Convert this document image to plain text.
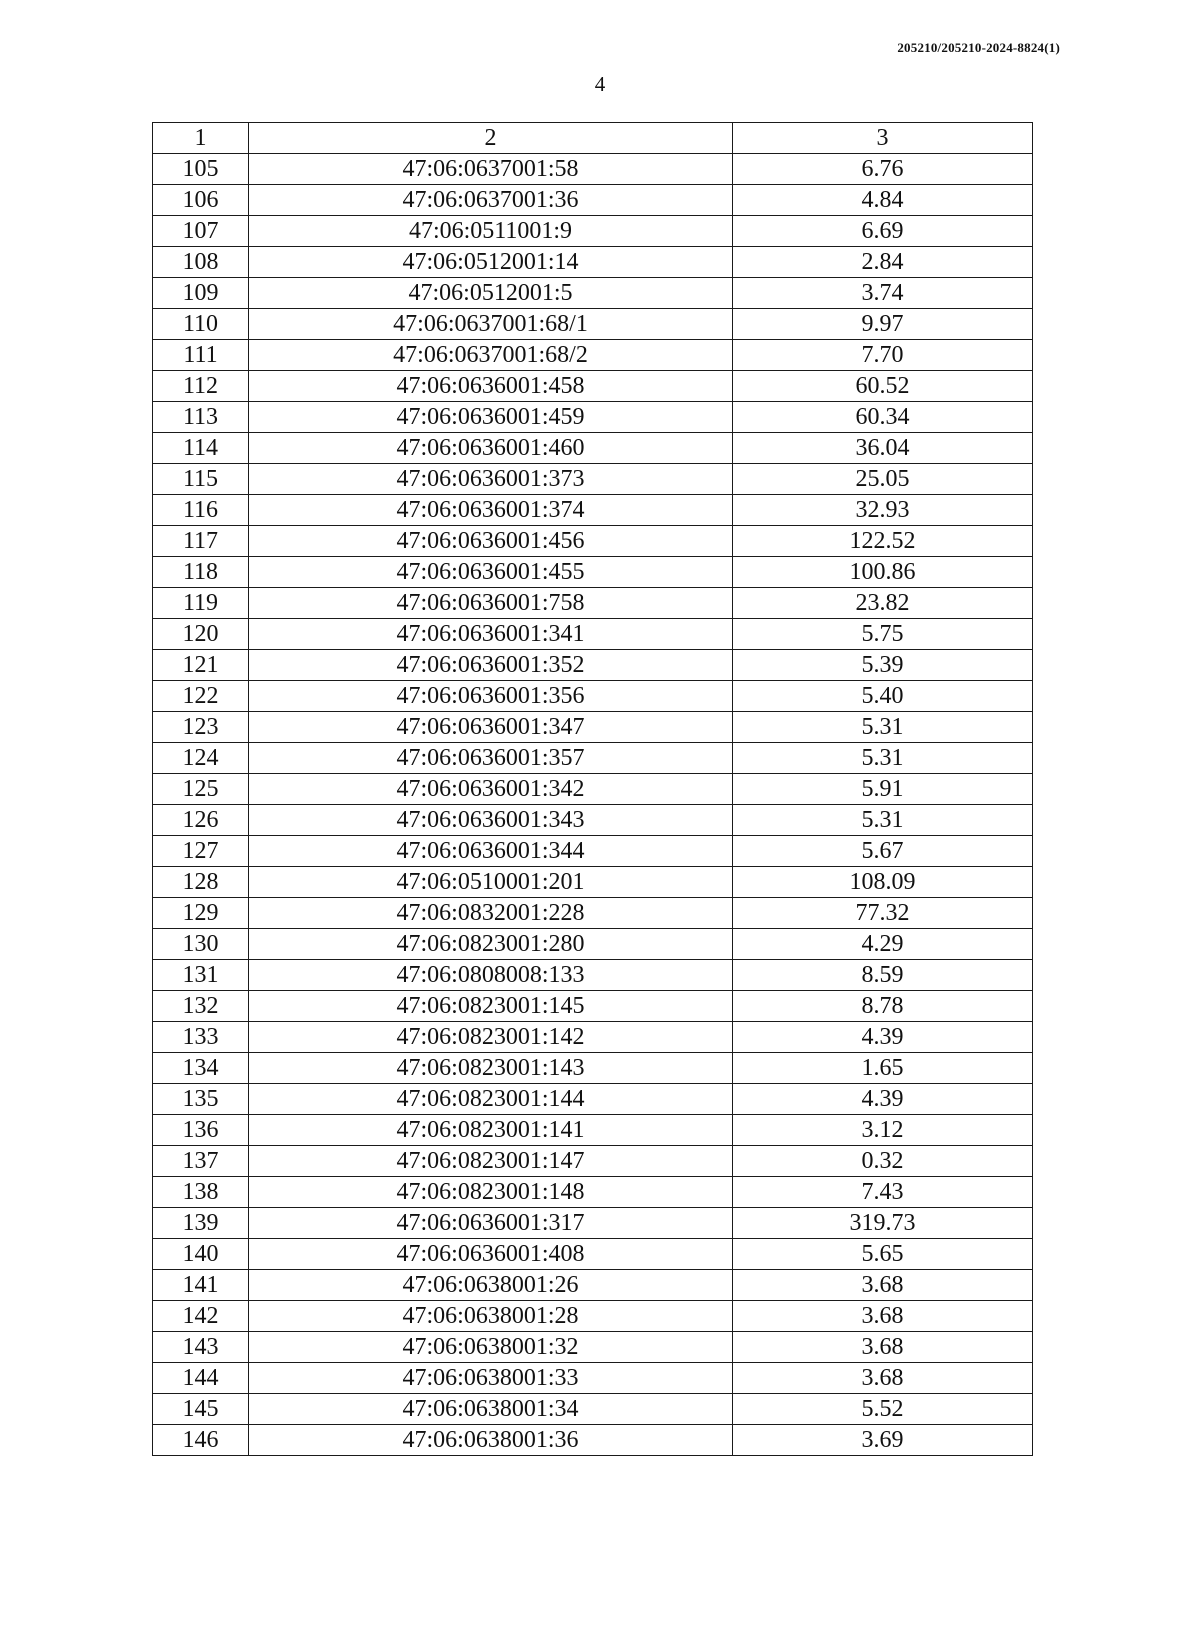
205210/205210-2024-8824(1)
4
1	2	3
105	47:06:0637001:58	6.76
106	47:06:0637001:36	4.84
107	47:06:0511001:9	6.69
108	47:06:0512001:14	2.84
109	47:06:0512001:5	3.74
110	47:06:0637001:68/1	9.97
111	47:06:0637001:68/2	7.70
112	47:06:0636001:458	60.52
113	47:06:0636001:459	60.34
114	47:06:0636001:460	36.04
115	47:06:0636001:373	25.05
116	47:06:0636001:374	32.93
117	47:06:0636001:456	122.52
118	47:06:0636001:455	100.86
119	47:06:0636001:758	23.82
120	47:06:0636001:341	5.75
121	47:06:0636001:352	5.39
122	47:06:0636001:356	5.40
123	47:06:0636001:347	5.31
124	47:06:0636001:357	5.31
125	47:06:0636001:342	5.91
126	47:06:0636001:343	5.31
127	47:06:0636001:344	5.67
128	47:06:0510001:201	108.09
129	47:06:0832001:228	77.32
130	47:06:0823001:280	4.29
131	47:06:0808008:133	8.59
132	47:06:0823001:145	8.78
133	47:06:0823001:142	4.39
134	47:06:0823001:143	1.65
135	47:06:0823001:144	4.39
136	47:06:0823001:141	3.12
137	47:06:0823001:147	0.32
138	47:06:0823001:148	7.43
139	47:06:0636001:317	319.73
140	47:06:0636001:408	5.65
141	47:06:0638001:26	3.68
142	47:06:0638001:28	3.68
143	47:06:0638001:32	3.68
144	47:06:0638001:33	3.68
145	47:06:0638001:34	5.52
146	47:06:0638001:36	3.69
